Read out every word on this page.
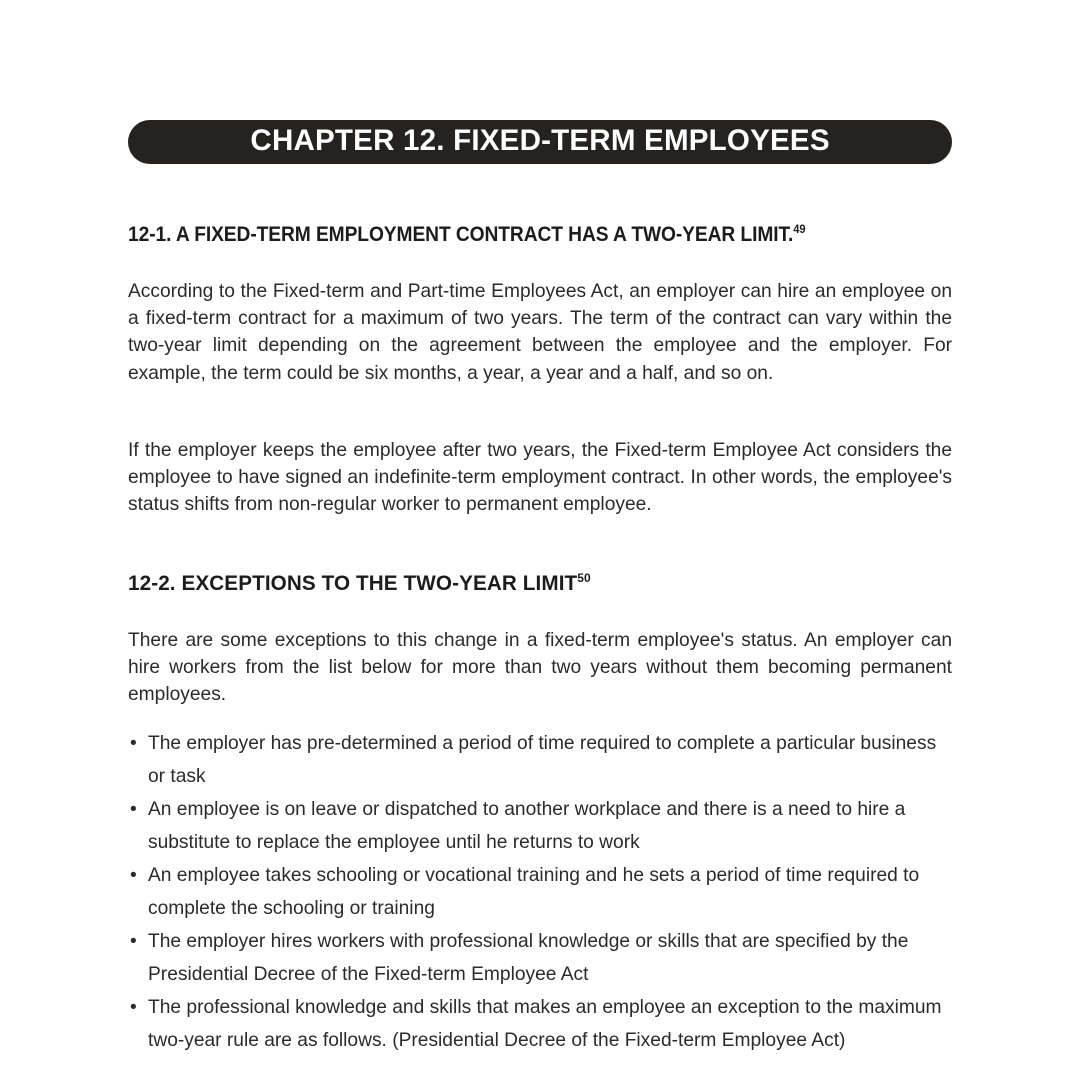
CHAPTER 12. FIXED-TERM EMPLOYEES
12-1. A FIXED-TERM EMPLOYMENT CONTRACT HAS A TWO-YEAR LIMIT.$^{49}$

According to the Fixed-term and Part-time Employees Act, an employer can hire an employee on a fixed-term contract for a maximum of two years. The term of the contract can vary within the two-year limit depending on the agreement between the employee and the employer. For example, the term could be six months, a year, a year and a half, and so on.

If the employer keeps the employee after two years, the Fixed-term Employee Act considers the employee to have signed an indefinite-term employment contract. In other words, the employee's status shifts from non-regular worker to permanent employee.

12-2. EXCEPTIONS TO THE TWO-YEAR LIMIT$^{50}$

There are some exceptions to this change in a fixed-term employee's status. An employer can hire workers from the list below for more than two years without them becoming permanent employees.

• The employer has pre-determined a period of time required to complete a particular business or task
• An employee is on leave or dispatched to another workplace and there is a need to hire a substitute to replace the employee until he returns to work
• An employee takes schooling or vocational training and he sets a period of time required to complete the schooling or training
• The employer hires workers with professional knowledge or skills that are specified by the Presidential Decree of the Fixed-term Employee Act
• The professional knowledge and skills that makes an employee an exception to the maximum two-year rule are as follows. (Presidential Decree of the Fixed-term Employee Act)
